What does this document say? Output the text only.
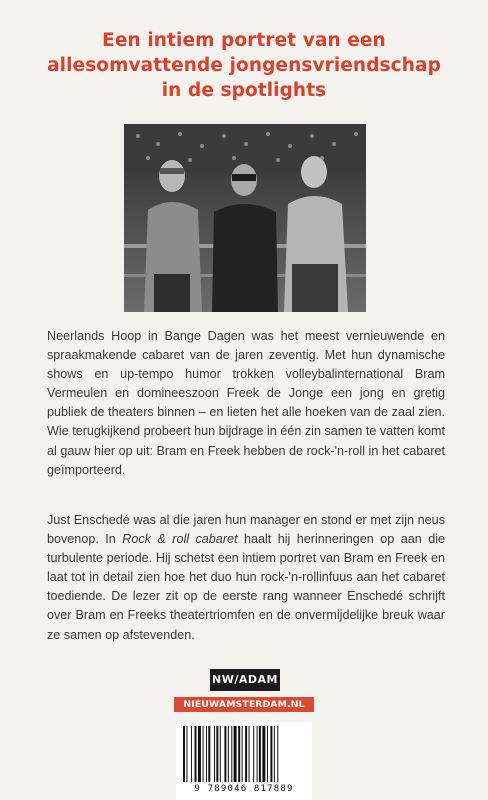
Een intiem portret van een
allesomvattende jongensvriendschap
in de spotlights
Neerlands Hoop in Bange Dagen was het meest vernieuwende en spraakmakende cabaret van de jaren zeventig. Met hun dynamische shows en up-tempo humor trokken volleybalinternational Bram Vermeulen en domineeszoon Freek de Jonge een jong en gretig publiek de theaters binnen – en lieten het alle hoeken van de zaal zien. Wie terugkijkend probeert hun bijdrage in één zin samen te vatten komt al gauw hier op uit: Bram en Freek hebben de rock-'n-roll in het cabaret geïmporteerd.
Just Enschedé was al die jaren hun manager en stond er met zijn neus bovenop. In Rock & roll cabaret haalt hij herinneringen op aan die turbulente periode. Hij schetst een intiem portret van Bram en Freek en laat tot in detail zien hoe het duo hun rock-'n-rollinfuus aan het cabaret toediende. De lezer zit op de eerste rang wanneer Enschedé schrijft over Bram en Freeks theatertriomfen en de onvermijdelijke breuk waar ze samen op afstevenden.
NW/ADAM
NIEUWAMSTERDAM.NL
9 789046 817889
